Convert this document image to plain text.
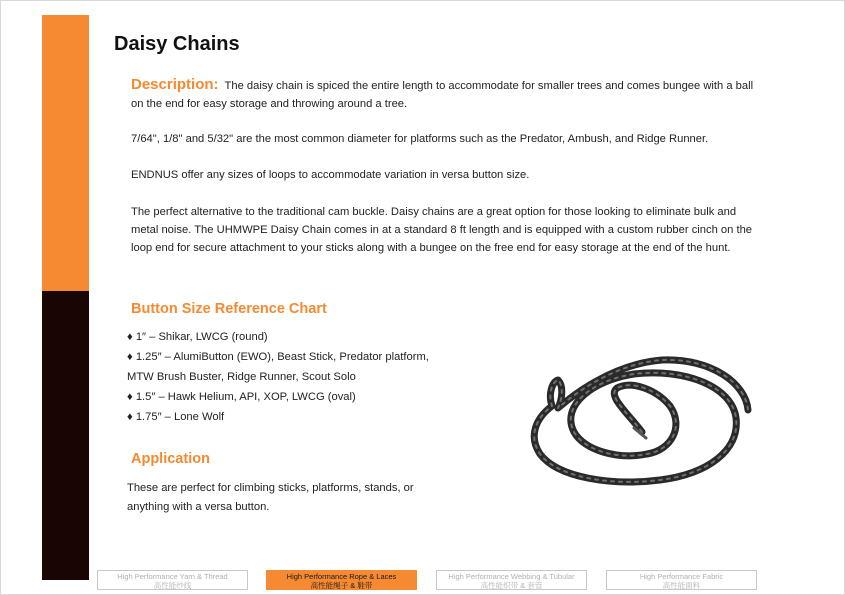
Daisy Chains

Description: The daisy chain is spiced the entire length to accommodate for smaller trees and comes bungee with a ball on the end for easy storage and throwing around a tree.

7/64", 1/8" and 5/32" are the most common diameter for platforms such as the Predator, Ambush, and Ridge Runner.

ENDNUS offer any sizes of loops to accommodate variation in versa button size.

The perfect alternative to the traditional cam buckle. Daisy chains are a great option for those looking to eliminate bulk and metal noise. The UHMWPE Daisy Chain comes in at a standard 8 ft length and is equipped with a custom rubber cinch on the loop end for secure attachment to your sticks along with a bungee on the free end for easy storage at the end of the hunt.

Button Size Reference Chart
♦ 1″ – Shikar, LWCG (round)
♦ 1.25″ – AlumiButton (EWO), Beast Stick, Predator platform, MTW Brush Buster, Ridge Runner, Scout Solo
♦ 1.5″ – Hawk Helium, API, XOP, LWCG (oval)
♦ 1.75″ – Lone Wolf
Application

These are perfect for climbing sticks, platforms, stands, or anything with a versa button.

High Performance Yarn & Thread
高性能纱线
High Performance Rope & Laces
高性能绳子 & 鞋带
High Performance Webbing & Tubular
高性能织带 & 套管
High Performance Fabric
高性能面料
